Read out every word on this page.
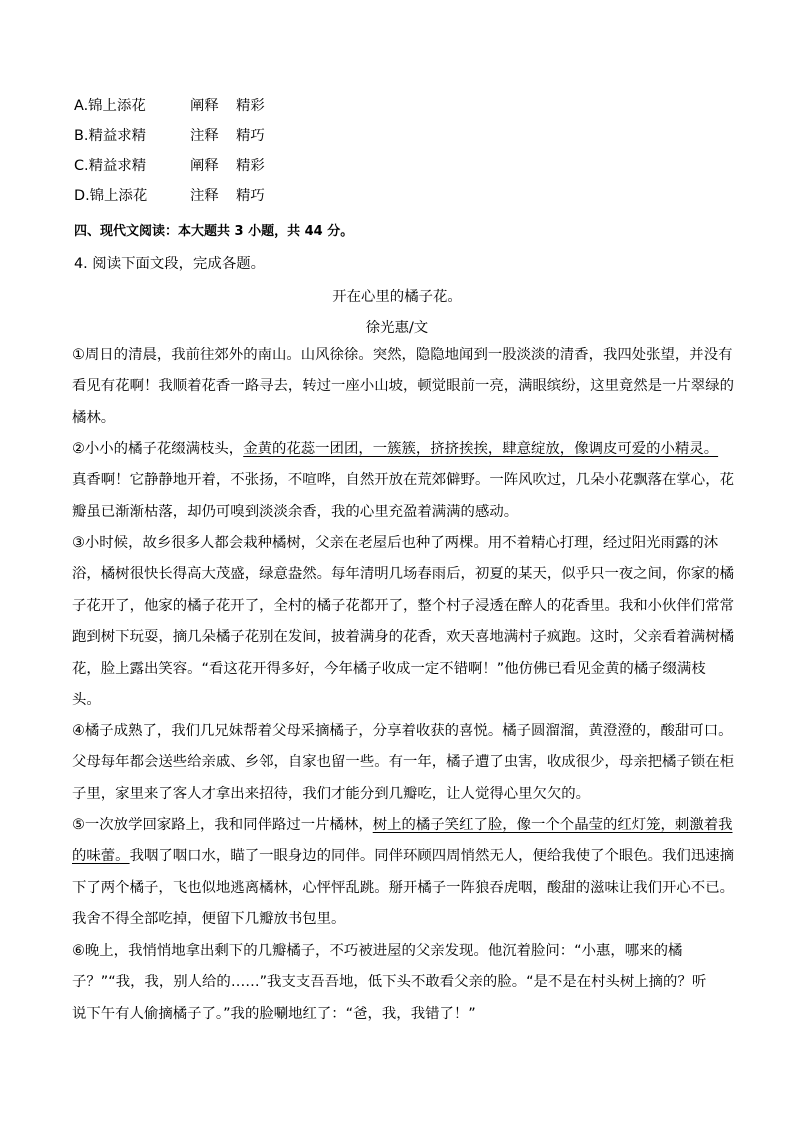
A.锦上添花	阐释 精彩
B.精益求精	注释 精巧
C.精益求精	阐释 精彩
D.锦上添花	注释 精巧
四、现代文阅读：本大题共 3 小题，共 44 分。
4. 阅读下面文段，完成各题。
开在心里的橘子花。
徐光惠/文
①周日的清晨，我前往郊外的南山。山风徐徐。突然，隐隐地闻到一股淡淡的清香，我四处张望，并没有
看见有花啊！我顺着花香一路寻去，转过一座小山坡，顿觉眼前一亮，满眼缤纷，这里竟然是一片翠绿的
橘林。
②小小的橘子花缀满枝头，金黄的花蕊一团团，一簇簇，挤挤挨挨，肆意绽放，像调皮可爱的小精灵。
真香啊！它静静地开着，不张扬，不喧哗，自然开放在荒郊僻野。一阵风吹过，几朵小花飘落在掌心，花
瓣虽已渐渐枯落，却仍可嗅到淡淡余香，我的心里充盈着满满的感动。
③小时候，故乡很多人都会栽种橘树，父亲在老屋后也种了两棵。用不着精心打理，经过阳光雨露的沐
浴，橘树很快长得高大茂盛，绿意盎然。每年清明几场春雨后，初夏的某天，似乎只一夜之间，你家的橘
子花开了，他家的橘子花开了，全村的橘子花都开了，整个村子浸透在醉人的花香里。我和小伙伴们常常
跑到树下玩耍，摘几朵橘子花别在发间，披着满身的花香，欢天喜地满村子疯跑。这时，父亲看着满树橘
花，脸上露出笑容。“看这花开得多好，今年橘子收成一定不错啊！”他仿佛已看见金黄的橘子缀满枝
头。
④橘子成熟了，我们几兄妹帮着父母采摘橘子，分享着收获的喜悦。橘子圆溜溜，黄澄澄的，酸甜可口。
父母每年都会送些给亲戚、乡邻，自家也留一些。有一年，橘子遭了虫害，收成很少，母亲把橘子锁在柜
子里，家里来了客人才拿出来招待，我们才能分到几瓣吃，让人觉得心里欠欠的。
⑤一次放学回家路上，我和同伴路过一片橘林，树上的橘子笑红了脸，像一个个晶莹的红灯笼，刺激着我
的味蕾。我咽了咽口水，瞄了一眼身边的同伴。同伴环顾四周悄然无人，便给我使了个眼色。我们迅速摘
下了两个橘子，飞也似地逃离橘林，心怦怦乱跳。掰开橘子一阵狼吞虎咽，酸甜的滋味让我们开心不已。
我舍不得全部吃掉，便留下几瓣放书包里。
⑥晚上，我悄悄地拿出剩下的几瓣橘子，不巧被进屋的父亲发现。他沉着脸问：“小惠，哪来的橘
子？”“我，我，别人给的……”我支支吾吾地，低下头不敢看父亲的脸。“是不是在村头树上摘的？听
说下午有人偷摘橘子了。”我的脸唰地红了：“爸，我，我错了！”
